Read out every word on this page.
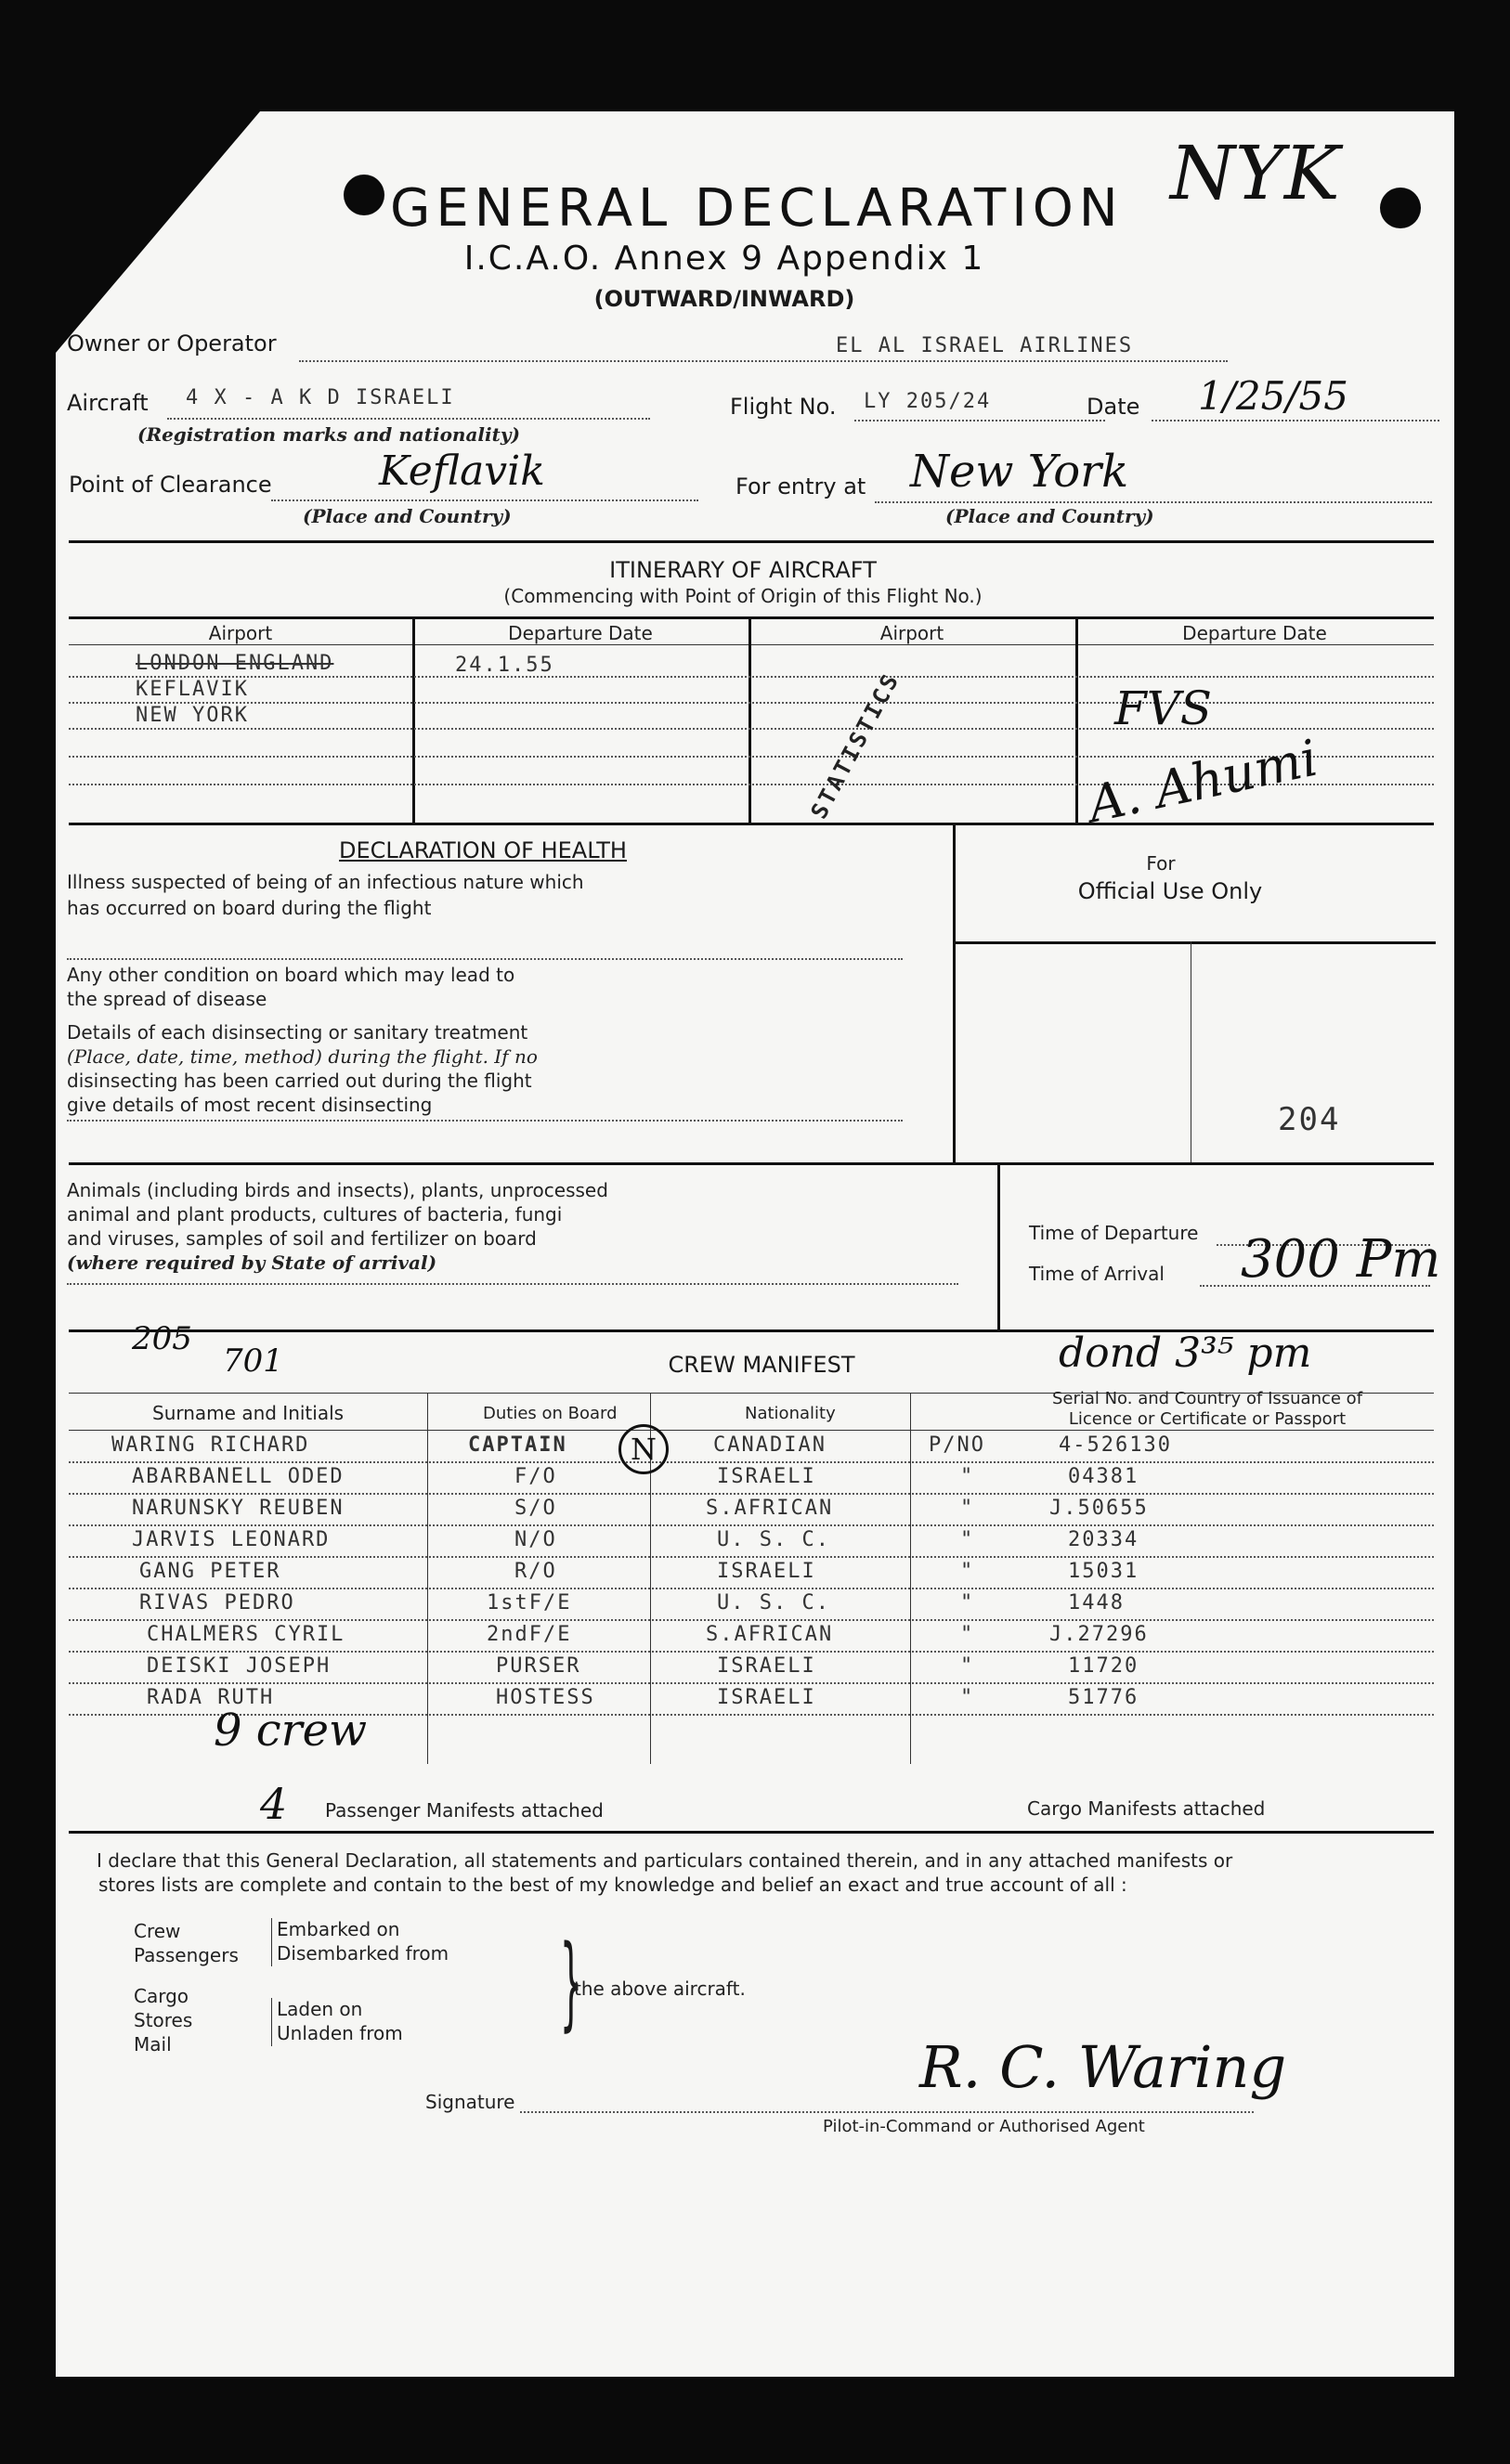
NYK
GENERAL DECLARATION
I.C.A.O. Annex 9 Appendix 1
(OUTWARD/INWARD)
Owner or Operator	EL AL ISRAEL AIRLINES
Aircraft 4 X - A K D ISRAELI
(Registration marks and nationality)
Flight No. LY 205/24	Date 1/25/55
Point of Clearance	Keflavik
(Place and Country)
For entry at New York
(Place and Country)
ITINERARY OF AIRCRAFT
(Commencing with Point of Origin of this Flight No.)
Airport	Departure Date	Airport	Departure Date
LONDON ENGLAND	24.1.55
KEFLAVIK
NEW YORK	STATISTICS	FVS
A. Ahumi
DECLARATION OF HEALTH
Illness suspected of being of an infectious nature which
has occurred on board during the flight
Any other condition on board which may lead to
the spread of disease
Details of each disinsecting or sanitary treatment
(Place, date, time, method) during the flight. If no
disinsecting has been carried out during the flight
give details of most recent disinsecting
For
Official Use Only
204
Animals (including birds and insects), plants, unprocessed
animal and plant products, cultures of bacteria, fungi
and viruses, samples of soil and fertilizer on board
(where required by State of arrival)
Time of Departure
Time of Arrival 300 Pm
205
701	CREW MANIFEST	dond 3³⁵ pm
Surname and Initials	Duties on Board	Nationality
Serial No. and Country of Issuance of
Licence or Certificate or Passport
WARING RICHARD	CAPTAIN	CANADIAN	P/NO	4-526130
ABARBANELL ODED	F/O	ISRAELI	"	04381
NARUNSKY REUBEN	S/O	S.AFRICAN	"	J.50655
JARVIS LEONARD	N/O	U. S. C.	"	20334
GANG PETER	R/O	ISRAELI	"	15031
RIVAS PEDRO	1stF/E	U. S. C.	"	1448
CHALMERS CYRIL	2ndF/E	S.AFRICAN	"	J.27296
DEISKI JOSEPH	PURSER	ISRAELI	"	11720
RADA RUTH	HOSTESS	ISRAELI	"	51776
N
9 crew
4 Passenger Manifests attached	Cargo Manifests attached
I declare that this General Declaration, all statements and particulars contained therein, and in any attached manifests or
stores lists are complete and contain to the best of my knowledge and belief an exact and true account of all :
Crew
Passengers
Embarked on
Disembarked from
Cargo
Stores
Mail
Laden on
Unladen from }
the above aircraft.
Signature
R. C. Waring
Pilot-in-Command or Authorised Agent
